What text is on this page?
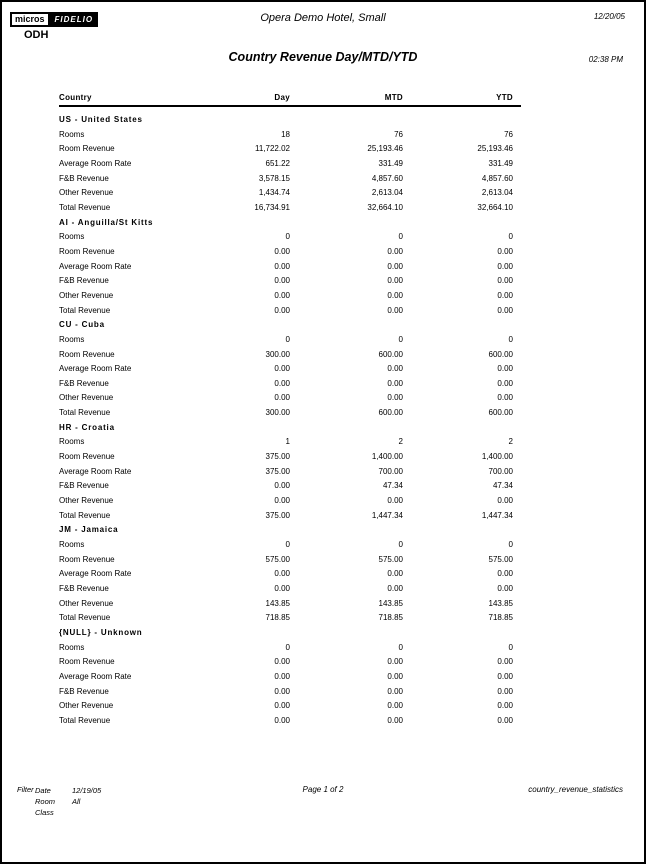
micros	FIDELIO
ODH
Opera Demo Hotel, Small	12/20/05
Country Revenue Day/MTD/YTD	02:38 PM
Country	Day	MTD	YTD
US - United States
Rooms	18	76	76
Room Revenue	11,722.02	25,193.46	25,193.46
Average Room Rate	651.22	331.49	331.49
F&B Revenue	3,578.15	4,857.60	4,857.60
Other Revenue	1,434.74	2,613.04	2,613.04
Total Revenue	16,734.91	32,664.10	32,664.10
AI - Anguilla/St Kitts
Rooms	0	0	0
Room Revenue	0.00	0.00	0.00
Average Room Rate	0.00	0.00	0.00
F&B Revenue	0.00	0.00	0.00
Other Revenue	0.00	0.00	0.00
Total Revenue	0.00	0.00	0.00
CU - Cuba
Rooms	0	0	0
Room Revenue	300.00	600.00	600.00
Average Room Rate	0.00	0.00	0.00
F&B Revenue	0.00	0.00	0.00
Other Revenue	0.00	0.00	0.00
Total Revenue	300.00	600.00	600.00
HR - Croatia
Rooms	1	2	2
Room Revenue	375.00	1,400.00	1,400.00
Average Room Rate	375.00	700.00	700.00
F&B Revenue	0.00	47.34	47.34
Other Revenue	0.00	0.00	0.00
Total Revenue	375.00	1,447.34	1,447.34
JM - Jamaica
Rooms	0	0	0
Room Revenue	575.00	575.00	575.00
Average Room Rate	0.00	0.00	0.00
F&B Revenue	0.00	0.00	0.00
Other Revenue	143.85	143.85	143.85
Total Revenue	718.85	718.85	718.85
{NULL} - Unknown
Rooms	0	0	0
Room Revenue	0.00	0.00	0.00
Average Room Rate	0.00	0.00	0.00
F&B Revenue	0.00	0.00	0.00
Other Revenue	0.00	0.00	0.00
Total Revenue	0.00	0.00	0.00
Filter Date	12/19/05
Room Class
All
Page 1 of 2	country_revenue_statistics
